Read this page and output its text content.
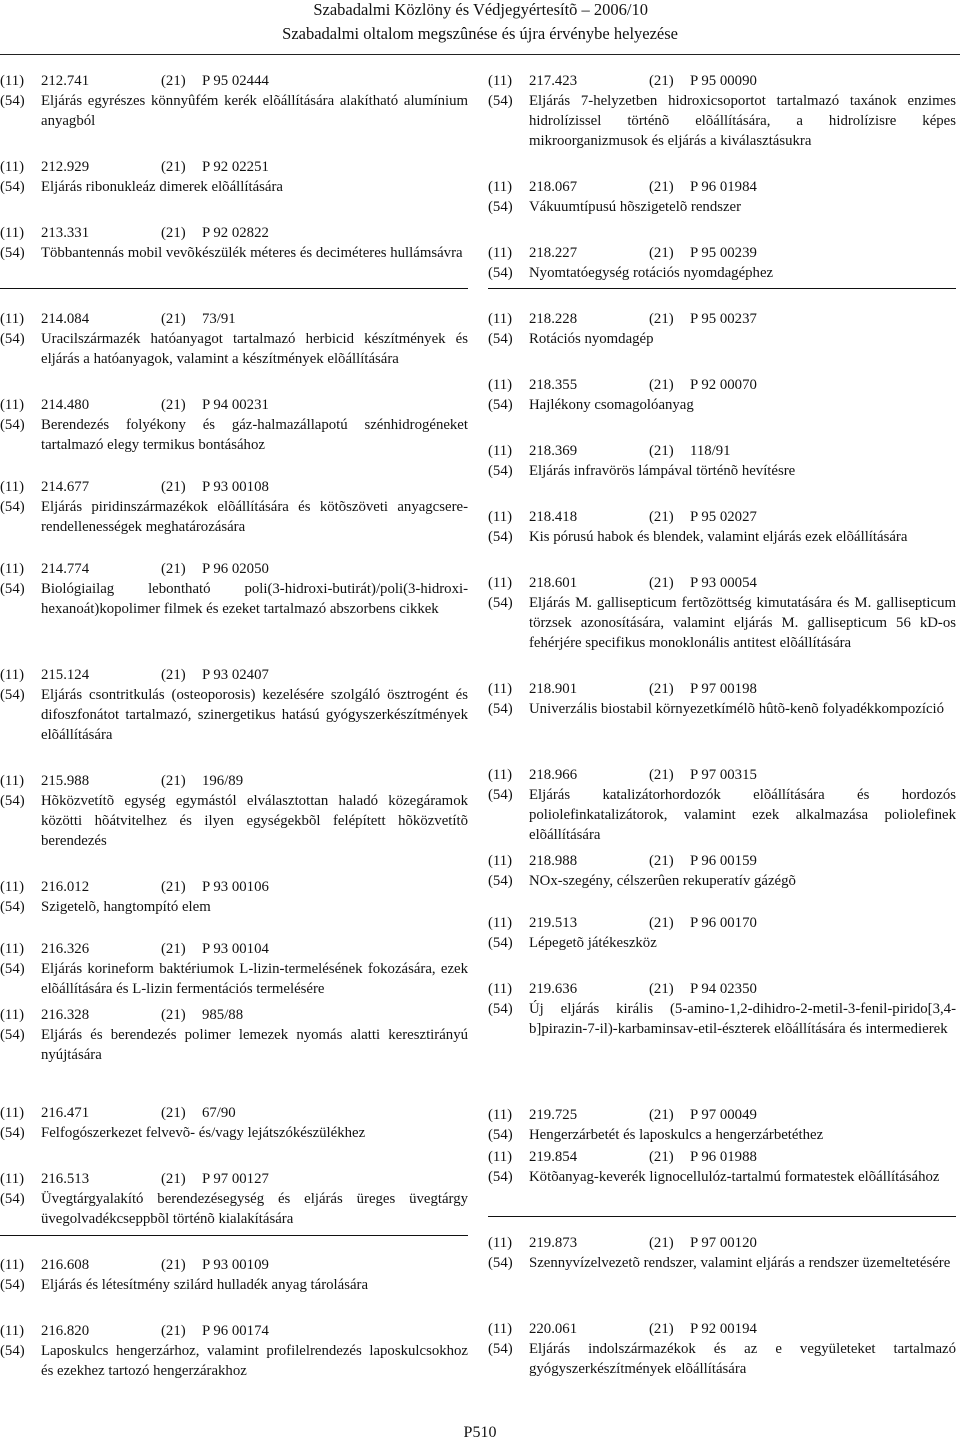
Szabadalmi Közlöny és Védjegyértesítõ – 2006/10
Szabadalmi oltalom megszûnése és újra érvénybe helyezése
(11)	212.741	(21)	P 95 02444
(54)	Eljárás egyrészes könnyûfém kerék elõállítására alakítható alumínium anyagból
(11)	212.929	(21)	P 92 02251
(54)	Eljárás ribonukleáz dimerek elõállítására
(11)	213.331	(21)	P 92 02822
(54)	Többantennás mobil vevõkészülék méteres és deciméteres hullámsávra
(11)	214.084	(21)	73/91
(54)	Uracilszármazék hatóanyagot tartalmazó herbicid készítmények és eljárás a hatóanyagok, valamint a készítmények elõállítására
(11)	214.480	(21)	P 94 00231
(54)	Berendezés folyékony és gáz-halmazállapotú szénhidrogéneket tartalmazó elegy termikus bontásához
(11)	214.677	(21)	P 93 00108
(54)	Eljárás piridinszármazékok elõállítására és kötõszöveti anyagcsere-rendellenességek meghatározására
(11)	214.774	(21)	P 96 02050
(54)	Biológiailag lebontható poli(3-hidroxi-butirát)/poli(3-hidroxi-hexanoát)kopolimer filmek és ezeket tartalmazó abszorbens cikkek
(11)	215.124	(21)	P 93 02407
(54)	Eljárás csontritkulás (osteoporosis) kezelésére szolgáló ösztrogént és difoszfonátot tartalmazó, szinergetikus hatású gyógyszerkészítmények elõállítására
(11)	215.988	(21)	196/89
(54)	Hõközvetítõ egység egymástól elválasztottan haladó közegáramok közötti hõátvitelhez és ilyen egységekbõl felépített hõközvetítõ berendezés
(11)	216.012	(21)	P 93 00106
(54)	Szigetelõ, hangtompító elem
(11)	216.326	(21)	P 93 00104
(54)	Eljárás korineform baktériumok L-lizin-termelésének fokozására, ezek elõállítására és L-lizin fermentációs termelésére
(11)	216.328	(21)	985/88
(54)	Eljárás és berendezés polimer lemezek nyomás alatti keresztirányú nyújtására
(11)	216.471	(21)	67/90
(54)	Felfogószerkezet felvevõ- és/vagy lejátszókészülékhez
(11)	216.513	(21)	P 97 00127
(54)	Üvegtárgyalakító berendezésegység és eljárás üreges üvegtárgy üvegolvadékcseppbõl történõ kialakítására
(11)	216.608	(21)	P 93 00109
(54)	Eljárás és létesítmény szilárd hulladék anyag tárolására
(11)	216.820	(21)	P 96 00174
(54)	Laposkulcs hengerzárhoz, valamint profilelrendezés laposkulcsokhoz és ezekhez tartozó hengerzárakhoz
(11)	217.423	(21)	P 95 00090
(54)	Eljárás 7-helyzetben hidroxicsoportot tartalmazó taxánok enzimes hidrolízissel történõ elõállítására, a hidrolízisre képes mikroorganizmusok és eljárás a kiválasztásukra
(11)	218.067	(21)	P 96 01984
(54)	Vákuumtípusú hõszigetelõ rendszer
(11)	218.227	(21)	P 95 00239
(54)	Nyomtatóegység rotációs nyomdagéphez
(11)	218.228	(21)	P 95 00237
(54)	Rotációs nyomdagép
(11)	218.355	(21)	P 92 00070
(54)	Hajlékony csomagolóanyag
(11)	218.369	(21)	118/91
(54)	Eljárás infravörös lámpával történõ hevítésre
(11)	218.418	(21)	P 95 02027
(54)	Kis pórusú habok és blendek, valamint eljárás ezek elõállítására
(11)	218.601	(21)	P 93 00054
(54)	Eljárás M. gallisepticum fertõzöttség kimutatására és M. gallisepticum törzsek azonosítására, valamint eljárás M. gallisepticum 56 kD-os fehérjére specifikus monoklonális antitest elõállítására
(11)	218.901	(21)	P 97 00198
(54)	Univerzális biostabil környezetkímélõ hûtõ-kenõ folyadékkompozíció
(11)	218.966	(21)	P 97 00315
(54)	Eljárás katalizátorhordozók elõállítására és hordozós poliolefinkatalizátorok, valamint ezek alkalmazása poliolefinek elõállítására
(11)	218.988	(21)	P 96 00159
(54)	NOx-szegény, célszerûen rekuperatív gázégõ
(11)	219.513	(21)	P 96 00170
(54)	Lépegetõ játékeszköz
(11)	219.636	(21)	P 94 02350
(54)	Új eljárás királis (5-amino-1,2-dihidro-2-metil-3-fenil-pirido[3,4-b]pirazin-7-il)-karbaminsav-etil-észterek elõállítására és intermedierek
(11)	219.725	(21)	P 97 00049
(54)	Hengerzárbetét és laposkulcs a hengerzárbetéthez
(11)	219.854	(21)	P 96 01988
(54)	Kötõanyag-keverék lignocellulóz-tartalmú formatestek elõállításához
(11)	219.873	(21)	P 97 00120
(54)	Szennyvízelvezetõ rendszer, valamint eljárás a rendszer üzemeltetésére
(11)	220.061	(21)	P 92 00194
(54)	Eljárás indolszármazékok és az e vegyületeket tartalmazó gyógyszerkészítmények elõállítására
P510
